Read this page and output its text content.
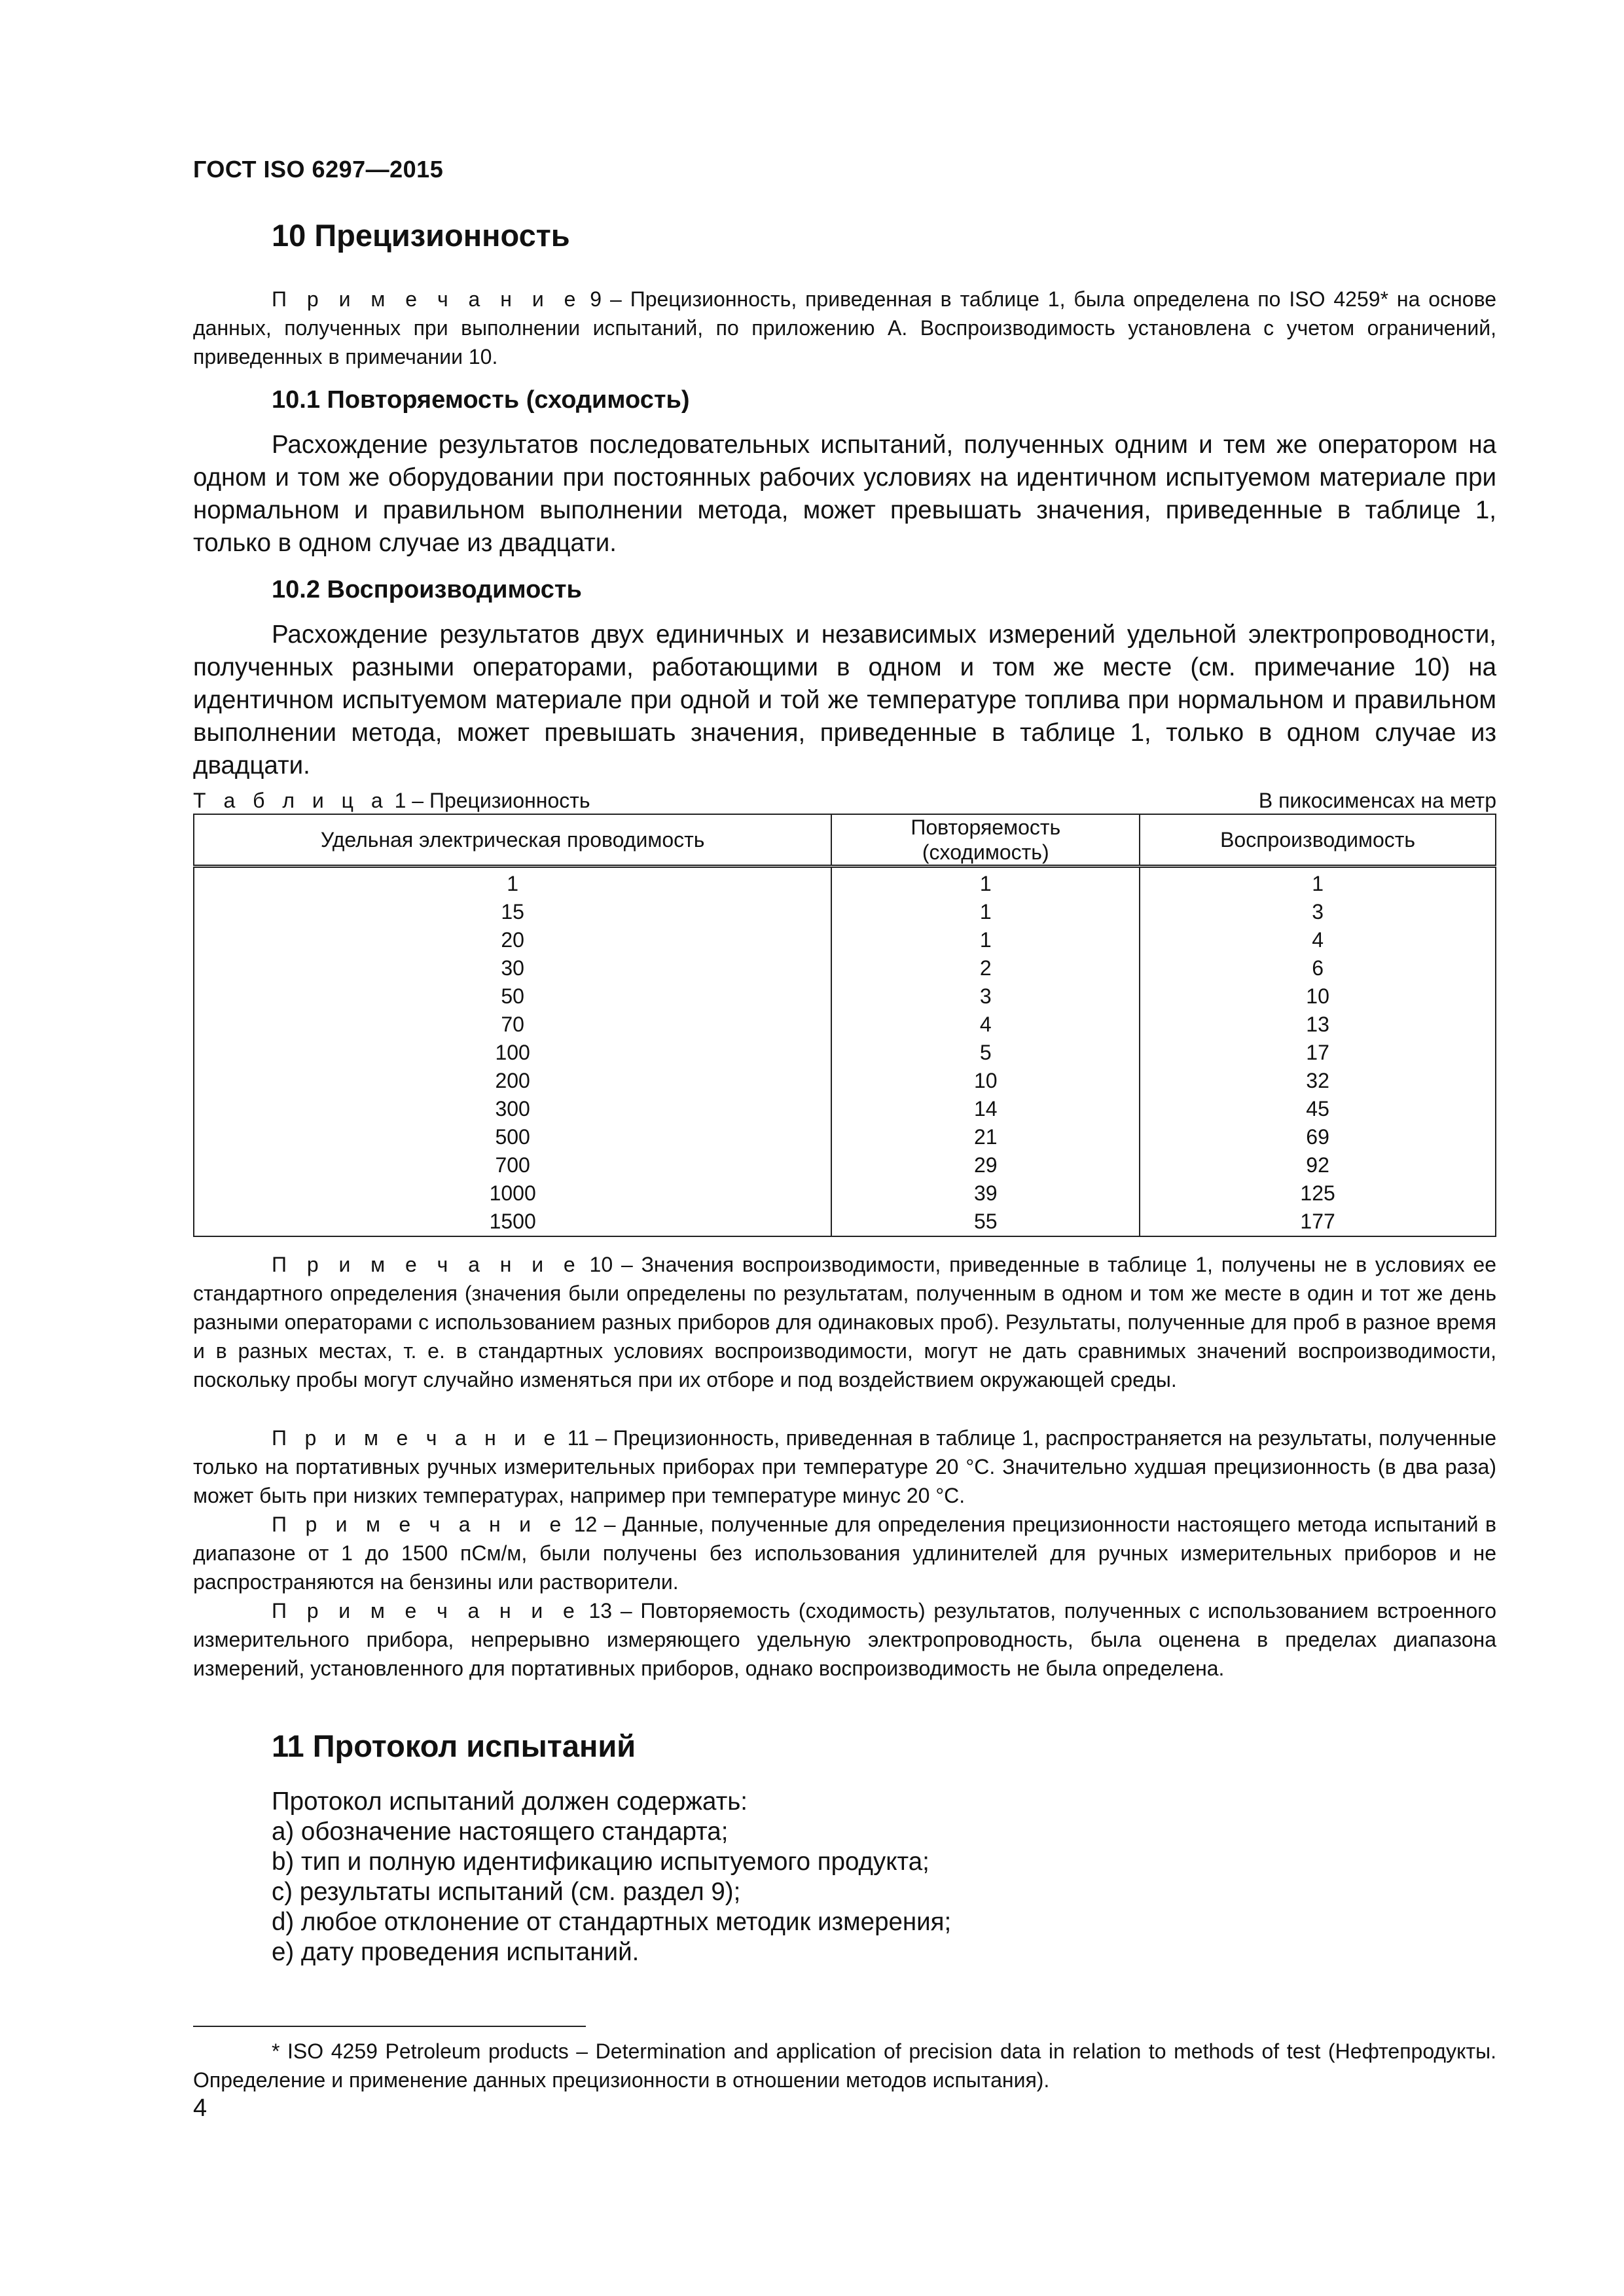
ГОСТ ISO 6297—2015
10 Прецизионность
П р и м е ч а н и е 9 – Прецизионность, приведенная в таблице 1, была определена по ISO 4259* на основе данных, полученных при выполнении испытаний, по приложению А. Воспроизводимость установлена с учетом ограничений, приведенных в примечании 10.
10.1 Повторяемость (сходимость)
Расхождение результатов последовательных испытаний, полученных одним и тем же оператором на одном и том же оборудовании при постоянных рабочих условиях на идентичном испытуемом материале при нормальном и правильном выполнении метода, может превышать значения, приведенные в таблице 1, только в одном случае из двадцати.
10.2 Воспроизводимость
Расхождение результатов двух единичных и независимых измерений удельной электропроводности, полученных разными операторами, работающими в одном и том же месте (см. примечание 10) на идентичном испытуемом материале при одной и той же температуре топлива при нормальном и правильном выполнении метода, может превышать значения, приведенные в таблице 1, только в одном случае из двадцати.
Т а б л и ц а 1 – Прецизионность	В пикосименсах на метр
Удельная электрическая проводимость	Повторяемость (сходимость)	Воспроизводимость
1	1	1
15	1	3
20	1	4
30	2	6
50	3	10
70	4	13
100	5	17
200	10	32
300	14	45
500	21	69
700	29	92
1000	39	125
1500	55	177
П р и м е ч а н и е 10 – Значения воспроизводимости, приведенные в таблице 1, получены не в условиях ее стандартного определения (значения были определены по результатам, полученным в одном и том же месте в один и тот же день разными операторами с использованием разных приборов для одинаковых проб). Результаты, полученные для проб в разное время и в разных местах, т. е. в стандартных условиях воспроизводимости, могут не дать сравнимых значений воспроизводимости, поскольку пробы могут случайно изменяться при их отборе и под воздействием окружающей среды.
П р и м е ч а н и е 11 – Прецизионность, приведенная в таблице 1, распространяется на результаты, полученные только на портативных ручных измерительных приборах при температуре 20 °С. Значительно худшая прецизионность (в два раза) может быть при низких температурах, например при температуре минус 20 °С.
П р и м е ч а н и е 12 – Данные, полученные для определения прецизионности настоящего метода испытаний в диапазоне от 1 до 1500 пСм/м, были получены без использования удлинителей для ручных измерительных приборов и не распространяются на бензины или растворители.
П р и м е ч а н и е 13 – Повторяемость (сходимость) результатов, полученных с использованием встроенного измерительного прибора, непрерывно измеряющего удельную электропроводность, была оценена в пределах диапазона измерений, установленного для портативных приборов, однако воспроизводимость не была определена.
11 Протокол испытаний
Протокол испытаний должен содержать:
a) обозначение настоящего стандарта;
b) тип и полную идентификацию испытуемого продукта;
c) результаты испытаний (см. раздел 9);
d) любое отклонение от стандартных методик измерения;
e) дату проведения испытаний.
* ISO 4259 Petroleum products – Determination and application of precision data in relation to methods of test (Нефтепродукты. Определение и применение данных прецизионности в отношении методов испытания).
4
